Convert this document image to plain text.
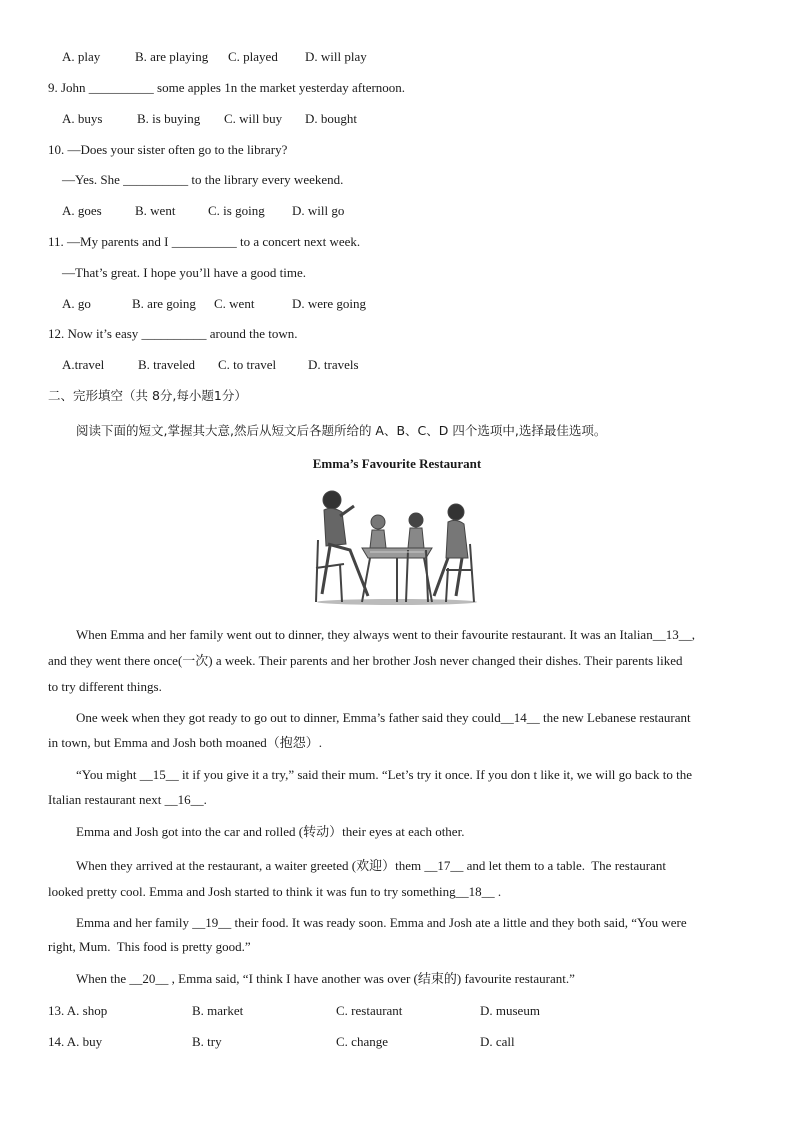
A. play	B. are playing C. played D. will play
9. John __________ some apples 1n the market yesterday afternoon.
A. buys	B. is buying C. will buy D. bought
10. —Does your sister often go to the library?
—Yes. She __________ to the library every weekend.
A. goes	B. went	C. is going D. will go
11. —My parents and I __________ to a concert next week.
—That’s great. I hope you’ll have a good time.
A. go	B. are going C. went	D. were going
12. Now it’s easy __________ around the town.
A.travel	B. traveled C. to travel D. travels
二、完形填空（共 8分,每小题1分）
阅读下面的短文,掌握其大意,然后从短文后各题所给的 A、B、C、D 四个选项中,选择最佳选项。
Emma’s Favourite Restaurant
When Emma and her family went out to dinner, they always went to their favourite restaurant. It was an Italian__13__,
and they went there once(一次) a week. Their parents and her brother Josh never changed their dishes. Their parents liked
to try different things.
One week when they got ready to go out to dinner, Emma’s father said they could__14__ the new Lebanese restaurant
in town, but Emma and Josh both moaned（抱怨）.
“You might __15__ it if you give it a try,” said their mum. “Let’s try it once. If you don t like it, we will go back to the
Italian restaurant next __16__.
Emma and Josh got into the car and rolled (转动）their eyes at each other.
When they arrived at the restaurant, a waiter greeted (欢迎）them __17__ and let them to a table.  The restaurant
looked pretty cool. Emma and Josh started to think it was fun to try something__18__ .
Emma and her family __19__ their food. It was ready soon. Emma and Josh ate a little and they both said, “You were
right, Mum.  This food is pretty good.”
When the __20__ , Emma said, “I think I have another was over (结束的) favourite restaurant.”
13. A. shop	B. market	C. restaurant	D. museum
14. A. buy	B. try	C. change	D. call
